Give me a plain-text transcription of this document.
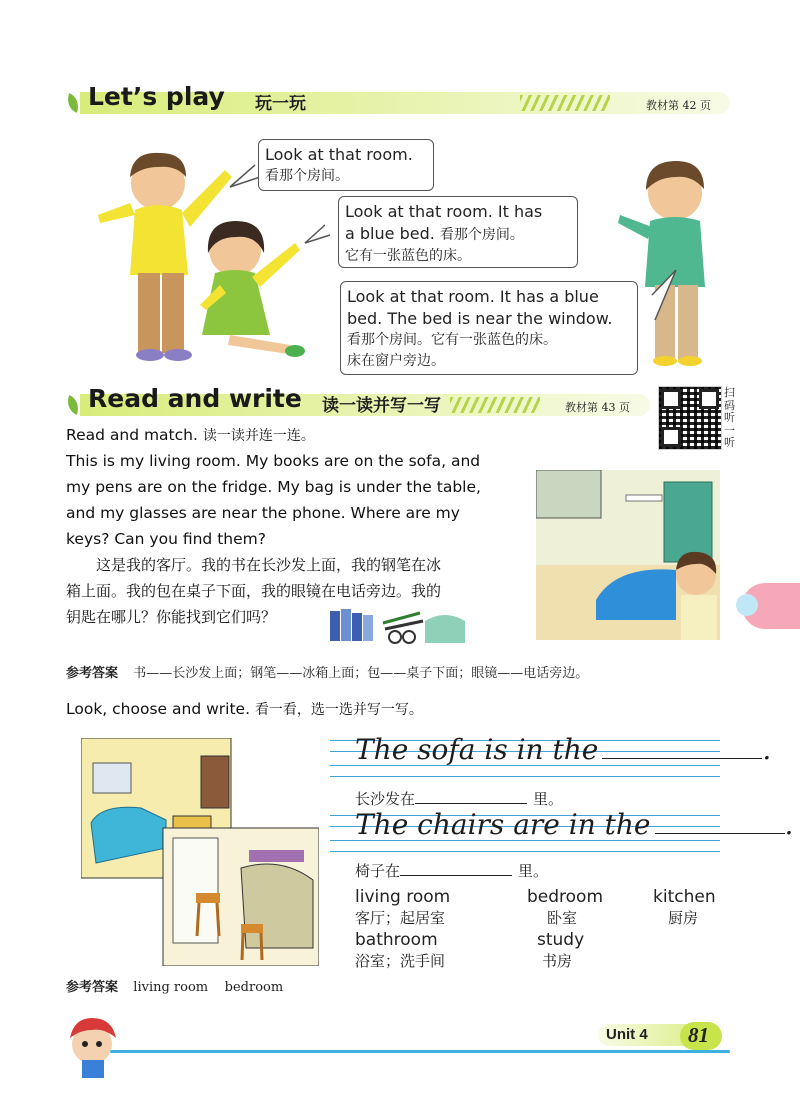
Let’s play 玩一玩	教材第 42 页
Look at that room.
看那个房间。
Look at that room. It has
a blue bed. 看那个房间。
它有一张蓝色的床。
Look at that room. It has a blue
bed. The bed is near the window.
看那个房间。它有一张蓝色的床。
床在窗户旁边。
Read and write 读一读并写一写	教材第 43 页
扫
码
听
一
听
Read and match. 读一读并连一连。
This is my living room. My books are on the sofa, and
my pens are on the fridge. My bag is under the table,
and my glasses are near the phone. Where are my
keys? Can you find them?
这是我的客厅。我的书在长沙发上面，我的钢笔在冰
箱上面。我的包在桌子下面，我的眼镜在电话旁边。我的
钥匙在哪儿？你能找到它们吗？
参考答案 书——长沙发上面；钢笔——冰箱上面；包——桌子下面；眼镜——电话旁边。
Look, choose and write. 看一看，选一选并写一写。
The sofa is in the	.
长沙发在	里。
The chairs are in the	.
椅子在	里。
living room
客厅；起居室
bedroom
卧室
kitchen
厨房
bathroom
浴室；洗手间
study
书房
参考答案 living room    bedroom
Unit 4 81
